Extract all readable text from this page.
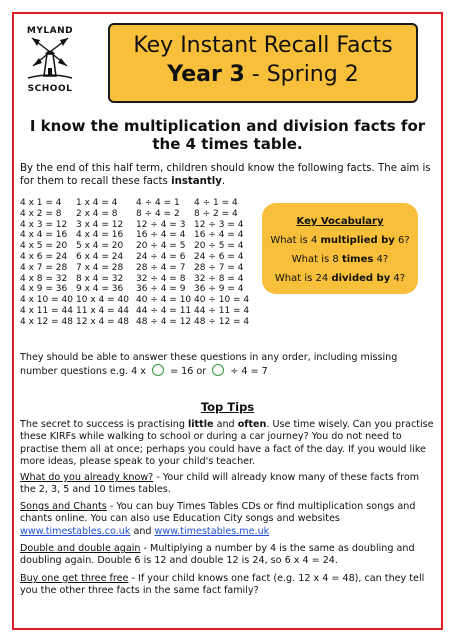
MYLAND
SCHOOL
Key Instant Recall Facts
Year 3 - Spring 2
I know the multiplication and division facts for the 4 times table.
By the end of this half term, children should know the following facts. The aim is for them to recall these facts instantly.
4 x 1 = 4
4 x 2 = 8
4 x 3 = 12
4 x 4 = 16
4 x 5 = 20
4 x 6 = 24
4 x 7 = 28
4 x 8 = 32
4 x 9 = 36
4 x 10 = 40
4 x 11 = 44
4 x 12 = 48
1 x 4 = 4
2 x 4 = 8
3 x 4 = 12
4 x 4 = 16
5 x 4 = 20
6 x 4 = 24
7 x 4 = 28
8 x 4 = 32
9 x 4 = 36
10 x 4 = 40
11 x 4 = 44
12 x 4 = 48
4 ÷ 4 = 1
8 ÷ 4 = 2
12 ÷ 4 = 3
16 ÷ 4 = 4
20 ÷ 4 = 5
24 ÷ 4 = 6
28 ÷ 4 = 7
32 ÷ 4 = 8
36 ÷ 4 = 9
40 ÷ 4 = 10
44 ÷ 4 = 11
48 ÷ 4 = 12
4 ÷ 1 = 4
8 ÷ 2 = 4
12 ÷ 3 = 4
16 ÷ 4 = 4
20 ÷ 5 = 4
24 ÷ 6 = 4
28 ÷ 7 = 4
32 ÷ 8 = 4
36 ÷ 9 = 4
40 ÷ 10 = 4
44 ÷ 11 = 4
48 ÷ 12 = 4
Key Vocabulary
What is 4 multiplied by 6?
What is 8 times 4?
What is 24 divided by 4?
They should be able to answer these questions in any order, including missing number questions e.g. 4 x  = 16 or  ÷ 4 = 7
Top Tips
The secret to success is practising little and often. Use time wisely. Can you practise these KIRFs while walking to school or during a car journey? You do not need to practise them all at once; perhaps you could have a fact of the day. If you would like more ideas, please speak to your child's teacher.
What do you already know? - Your child will already know many of these facts from the 2, 3, 5 and 10 times tables.
Songs and Chants - You can buy Times Tables CDs or find multiplication songs and chants online. You can also use Education City songs and websites www.timestables.co.uk and www.timestables.me.uk
Double and double again - Multiplying a number by 4 is the same as doubling and doubling again. Double 6 is 12 and double 12 is 24, so 6 x 4 = 24.
Buy one get three free - If your child knows one fact (e.g. 12 x 4 = 48), can they tell you the other three facts in the same fact family?
